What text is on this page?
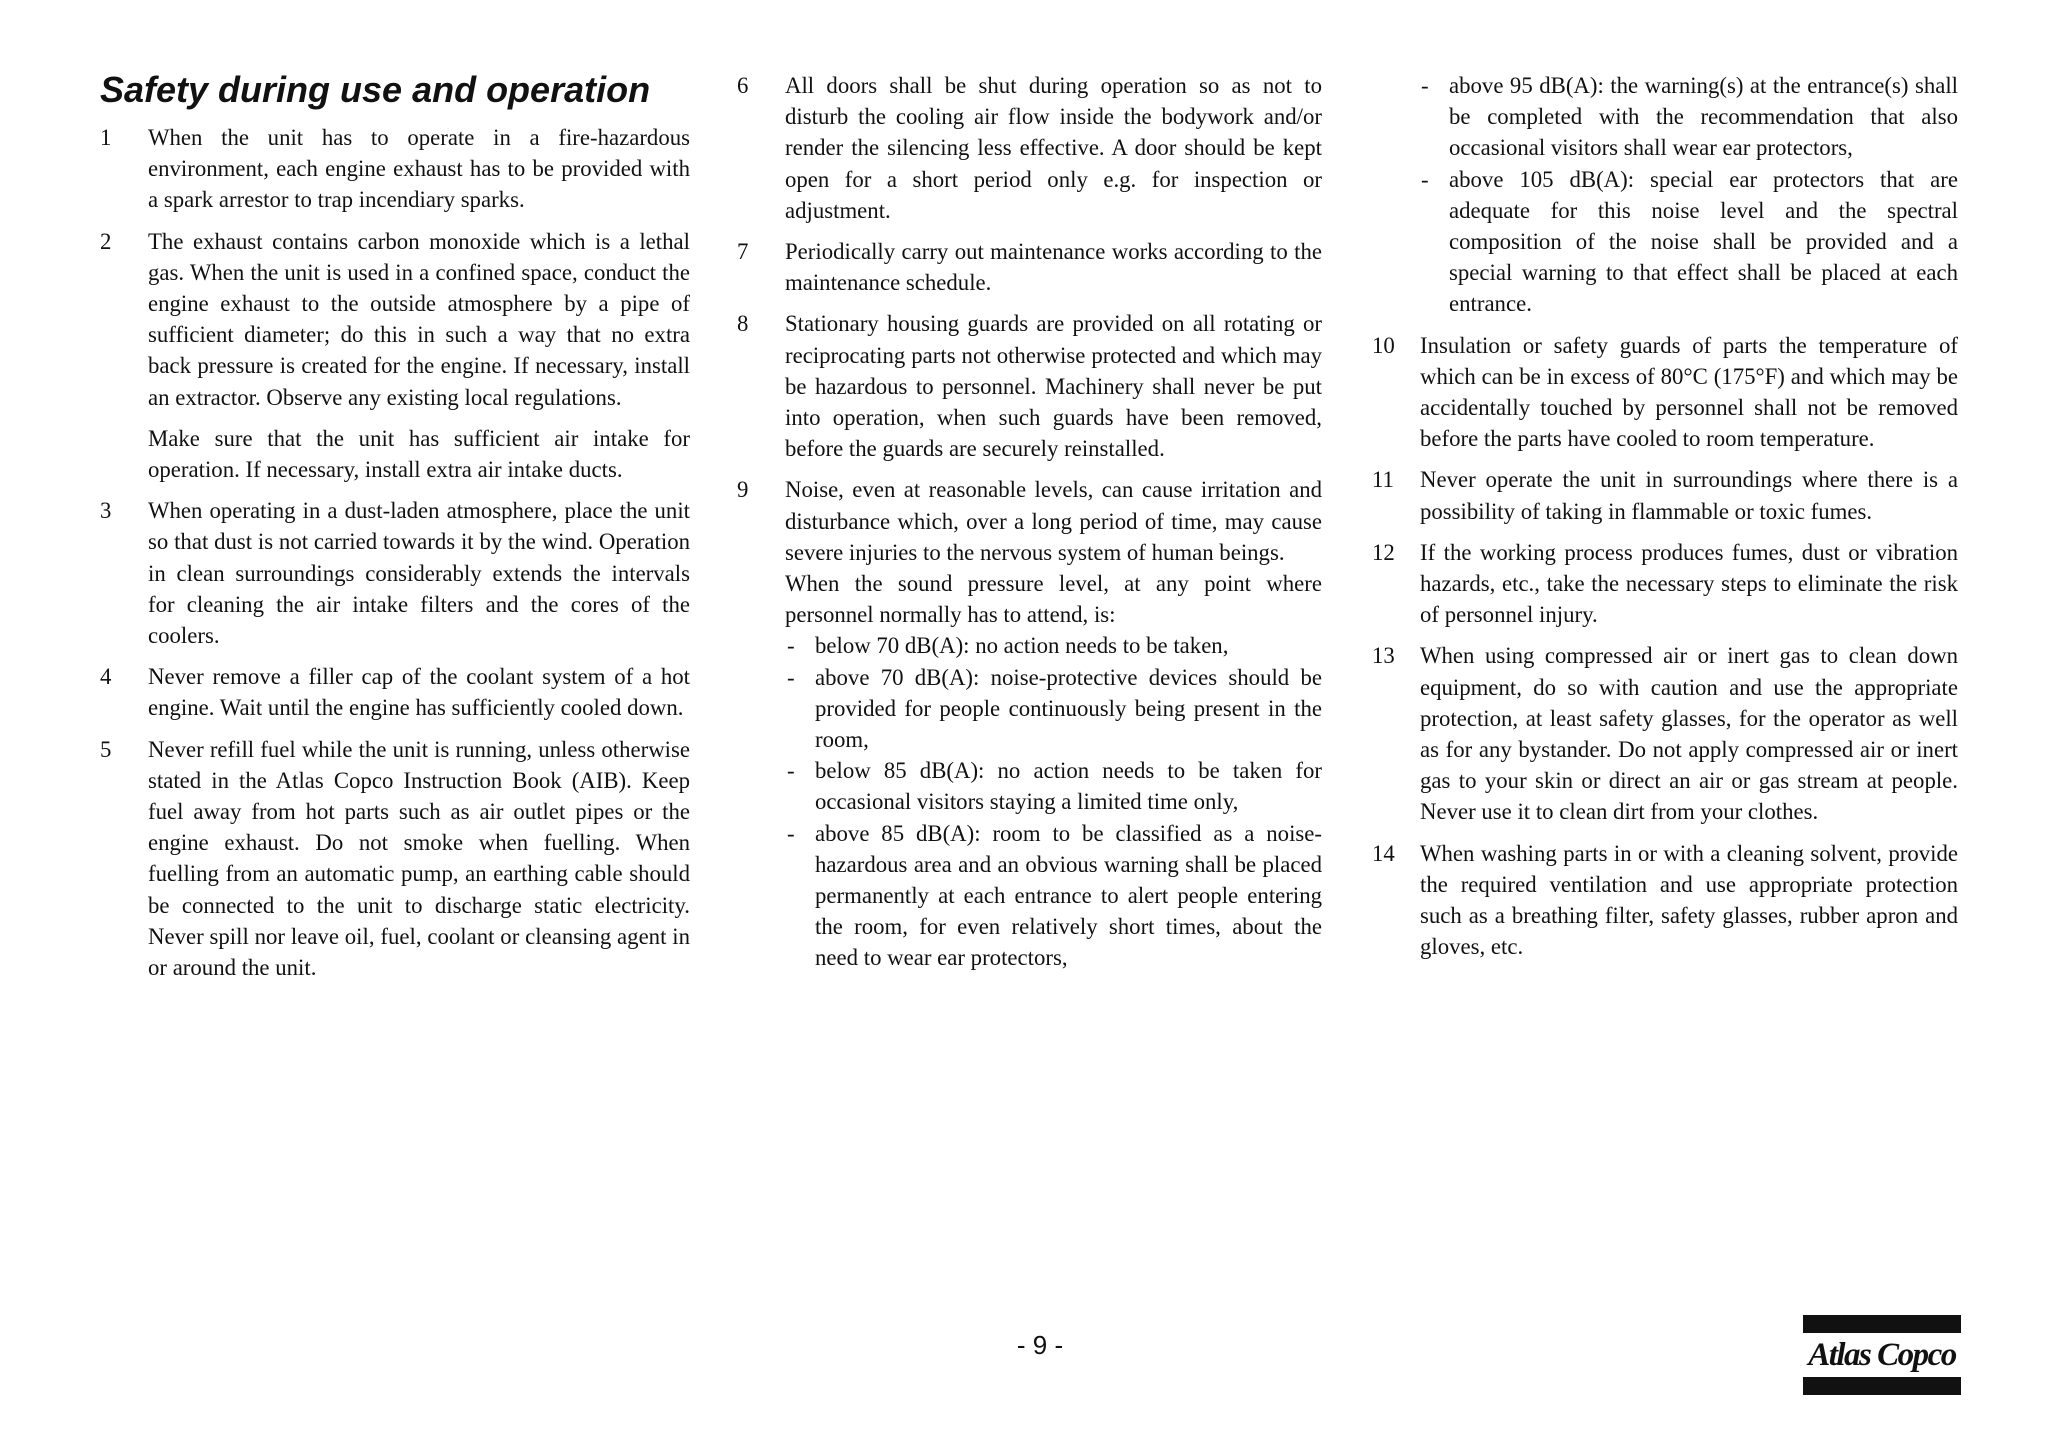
Safety during use and operation
1 When the unit has to operate in a fire-hazardous environment, each engine exhaust has to be provided with a spark arrestor to trap incendiary sparks.

2 The exhaust contains carbon monoxide which is a lethal gas. When the unit is used in a confined space, conduct the engine exhaust to the outside atmosphere by a pipe of sufficient diameter; do this in such a way that no extra back pressure is created for the engine. If necessary, install an extractor. Observe any existing local regulations.

Make sure that the unit has sufficient air intake for operation. If necessary, install extra air intake ducts.

3 When operating in a dust-laden atmosphere, place the unit so that dust is not carried towards it by the wind. Operation in clean surroundings considerably extends the intervals for cleaning the air intake filters and the cores of the coolers.

4 Never remove a filler cap of the coolant system of a hot engine. Wait until the engine has sufficiently cooled down.

5 Never refill fuel while the unit is running, unless otherwise stated in the Atlas Copco Instruction Book (AIB). Keep fuel away from hot parts such as air outlet pipes or the engine exhaust. Do not smoke when fuelling. When fuelling from an automatic pump, an earthing cable should be connected to the unit to discharge static electricity. Never spill nor leave oil, fuel, coolant or cleansing agent in or around the unit.

6 All doors shall be shut during operation so as not to disturb the cooling air flow inside the bodywork and/or render the silencing less effective. A door should be kept open for a short period only e.g. for inspection or adjustment.

7 Periodically carry out maintenance works according to the maintenance schedule.

8 Stationary housing guards are provided on all rotating or reciprocating parts not otherwise protected and which may be hazardous to personnel. Machinery shall never be put into operation, when such guards have been removed, before the guards are securely reinstalled.

9 Noise, even at reasonable levels, can cause irritation and disturbance which, over a long period of time, may cause severe injuries to the nervous system of human beings.

When the sound pressure level, at any point where personnel normally has to attend, is:

- below 70 dB(A): no action needs to be taken,
- above 70 dB(A): noise-protective devices should be provided for people continuously being present in the room,
- below 85 dB(A): no action needs to be taken for occasional visitors staying a limited time only,
- above 85 dB(A): room to be classified as a noise-hazardous area and an obvious warning shall be placed permanently at each entrance to alert people entering the room, for even relatively short times, about the need to wear ear protectors,
- above 95 dB(A): the warning(s) at the entrance(s) shall be completed with the recommendation that also occasional visitors shall wear ear protectors,
- above 105 dB(A): special ear protectors that are adequate for this noise level and the spectral composition of the noise shall be provided and a special warning to that effect shall be placed at each entrance.
10 Insulation or safety guards of parts the temperature of which can be in excess of 80°C (175°F) and which may be accidentally touched by personnel shall not be removed before the parts have cooled to room temperature.

11 Never operate the unit in surroundings where there is a possibility of taking in flammable or toxic fumes.

12 If the working process produces fumes, dust or vibration hazards, etc., take the necessary steps to eliminate the risk of personnel injury.

13 When using compressed air or inert gas to clean down equipment, do so with caution and use the appropriate protection, at least safety glasses, for the operator as well as for any bystander. Do not apply compressed air or inert gas to your skin or direct an air or gas stream at people. Never use it to clean dirt from your clothes.

14 When washing parts in or with a cleaning solvent, provide the required ventilation and use appropriate protection such as a breathing filter, safety glasses, rubber apron and gloves, etc.

- 9 -	Atlas Copco
